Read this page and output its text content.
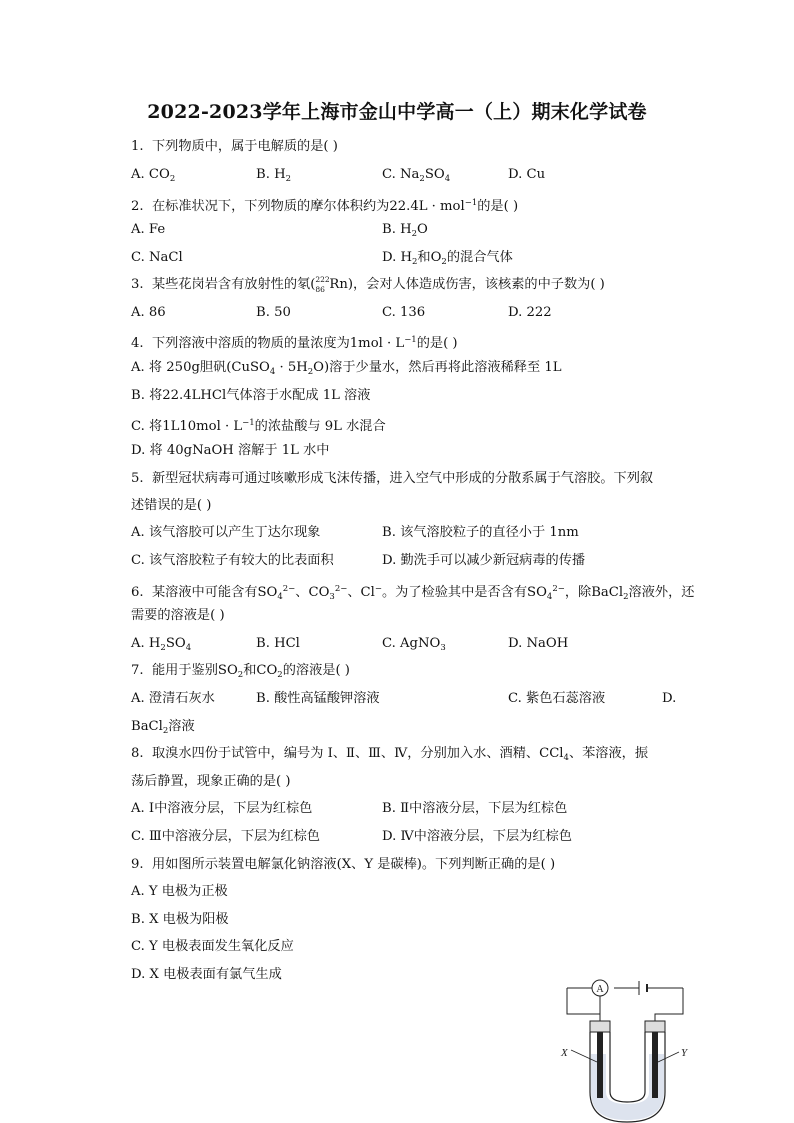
2022-2023学年上海市金山中学高一（上）期末化学试卷
1. 下列物质中，属于电解质的是( )
A. $CO_2$	B. $H_2$	C. $Na_2SO_4$	D. Cu
2. 在标准状况下，下列物质的摩尔体积约为22.4L · mol$^{-1}$的是( )
A. Fe	B. $H_2O$
C. NaCl	D. $H_2$和$O_2$的混合气体
3. 某些花岗岩含有放射性的氡( 222
86 Rn)，会对人体造成伤害，该核素的中子数为( )
A. 86	B. 50	C. 136	D. 222
4. 下列溶液中溶质的物质的量浓度为$1mol \cdot L^{-1}$的是( )
A. 将 250g胆矾(CuSO$_4$ · $5H_2O$)溶于少量水，然后再将此溶液稀释至 1L
B. 将22.4LHCl气体溶于水配成 1L 溶液
C. 将$1L10mol \cdot L^{-1}$的浓盐酸与 9L 水混合
D. 将 40gNaOH 溶解于 1L 水中
5. 新型冠状病毒可通过咳嗽形成飞沫传播，进入空气中形成的分散系属于气溶胶。下列叙
述错误的是( )
A. 该气溶胶可以产生丁达尔现象	B. 该气溶胶粒子的直径小于 1nm
C. 该气溶胶粒子有较大的比表面积	D. 勤洗手可以减少新冠病毒的传播
6. 某溶液中可能含有$SO_4^{2-}$、$CO_3^{2-}$、Cl−。为了检验其中是否含有$SO_4^{2-}$，除BaCl$_2$溶液外，还
需要的溶液是( )
A. $H_2SO_4$	B. HCl	C. AgNO$_3$	D. NaOH
7. 能用于鉴别$SO_2$和$CO_2$的溶液是( )
A. 澄清石灰水	B. 酸性高锰酸钾溶液	C. 紫色石蕊溶液	D.
BaCl$_2$溶液
8. 取溴水四份于试管中，编号为 Ⅰ、Ⅱ、Ⅲ、Ⅳ，分别加入水、酒精、CCl$_4$、苯溶液，振
荡后静置，现象正确的是( )
A. Ⅰ中溶液分层，下层为红棕色	B. Ⅱ中溶液分层，下层为红棕色
C. Ⅲ中溶液分层，下层为红棕色	D. Ⅳ中溶液分层，下层为红棕色
9. 用如图所示装置电解氯化钠溶液(X、Y 是碳棒)。下列判断正确的是( )
A. Y 电极为正极
B. X 电极为阳极
C. Y 电极表面发生氧化反应
D. X 电极表面有氯气生成
A
X	Y
